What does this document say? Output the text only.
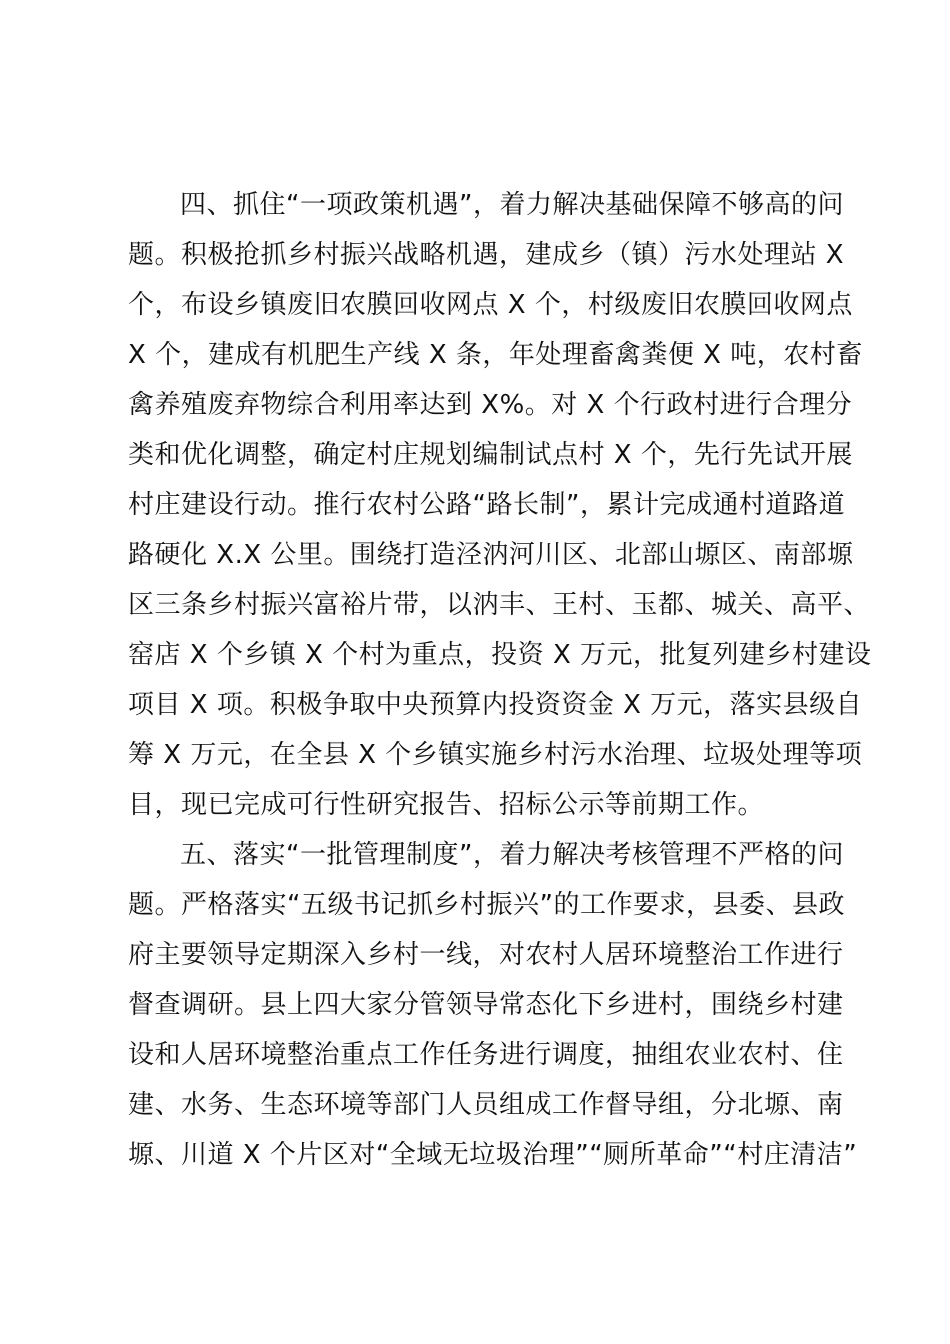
四、抓住“一项政策机遇”，着力解决基础保障不够高的问
题。积极抢抓乡村振兴战略机遇，建成乡（镇）污水处理站 X
个，布设乡镇废旧农膜回收网点 X 个，村级废旧农膜回收网点
X 个，建成有机肥生产线 X 条，年处理畜禽粪便 X 吨，农村畜
禽养殖废弃物综合利用率达到 X%。对 X 个行政村进行合理分
类和优化调整，确定村庄规划编制试点村 X 个，先行先试开展
村庄建设行动。推行农村公路“路长制”，累计完成通村道路道
路硬化 X.X 公里。围绕打造泾汭河川区、北部山塬区、南部塬
区三条乡村振兴富裕片带，以汭丰、王村、玉都、城关、高平、
窑店 X 个乡镇 X 个村为重点，投资 X 万元，批复列建乡村建设
项目 X 项。积极争取中央预算内投资资金 X 万元，落实县级自
筹 X 万元，在全县 X 个乡镇实施乡村污水治理、垃圾处理等项
目，现已完成可行性研究报告、招标公示等前期工作。
五、落实“一批管理制度”，着力解决考核管理不严格的问
题。严格落实“五级书记抓乡村振兴”的工作要求，县委、县政
府主要领导定期深入乡村一线，对农村人居环境整治工作进行
督查调研。县上四大家分管领导常态化下乡进村，围绕乡村建
设和人居环境整治重点工作任务进行调度，抽组农业农村、住
建、水务、生态环境等部门人员组成工作督导组，分北塬、南
塬、川道 X 个片区对“全域无垃圾治理”“厕所革命”“村庄清洁”
